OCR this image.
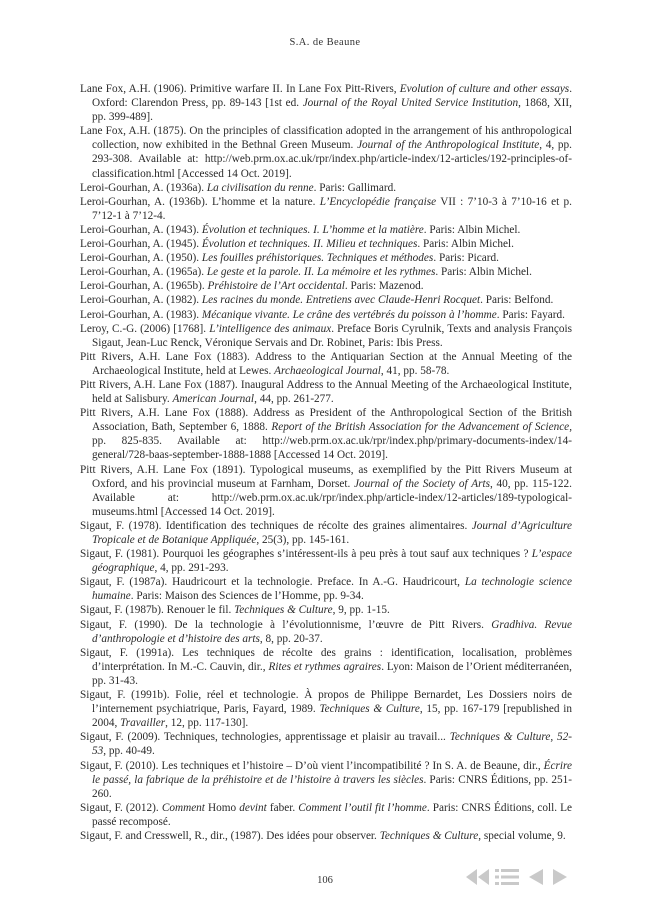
S.A. de Beaune

Lane Fox, A.H. (1906). Primitive warfare II. In Lane Fox Pitt-Rivers, Evolution of culture and other essays. Oxford: Clarendon Press, pp. 89-143 [1st ed. Journal of the Royal United Service Institution, 1868, XII, pp. 399-489].

Lane Fox, A.H. (1875). On the principles of classification adopted in the arrangement of his anthropological collection, now exhibited in the Bethnal Green Museum. Journal of the Anthropological Institute, 4, pp. 293-308. Available at: http://web.prm.ox.ac.uk/rpr/index.php/article-index/12-articles/192-principles-of-classification.html [Accessed 14 Oct. 2019].

Leroi-Gourhan, A. (1936a). La civilisation du renne. Paris: Gallimard.

Leroi-Gourhan, A. (1936b). L’homme et la nature. L’Encyclopédie française VII : 7’10-3 à 7’10-16 et p. 7’12-1 à 7’12-4.

Leroi-Gourhan, A. (1943). Évolution et techniques. I. L’homme et la matière. Paris: Albin Michel.

Leroi-Gourhan, A. (1945). Évolution et techniques. II. Milieu et techniques. Paris: Albin Michel.

Leroi-Gourhan, A. (1950). Les fouilles préhistoriques. Techniques et méthodes. Paris: Picard.

Leroi-Gourhan, A. (1965a). Le geste et la parole. II. La mémoire et les rythmes. Paris: Albin Michel.

Leroi-Gourhan, A. (1965b). Préhistoire de l’Art occidental. Paris: Mazenod.

Leroi-Gourhan, A. (1982). Les racines du monde. Entretiens avec Claude-Henri Rocquet. Paris: Belfond.

Leroi-Gourhan, A. (1983). Mécanique vivante. Le crâne des vertébrés du poisson à l’homme. Paris: Fayard.

Leroy, C.-G. (2006) [1768]. L’intelligence des animaux. Preface Boris Cyrulnik, Texts and analysis François Sigaut, Jean-Luc Renck, Véronique Servais and Dr. Robinet, Paris: Ibis Press.

Pitt Rivers, A.H. Lane Fox (1883). Address to the Antiquarian Section at the Annual Meeting of the Archaeological Institute, held at Lewes. Archaeological Journal, 41, pp. 58-78.

Pitt Rivers, A.H. Lane Fox (1887). Inaugural Address to the Annual Meeting of the Archaeological Institute, held at Salisbury. American Journal, 44, pp. 261-277.

Pitt Rivers, A.H. Lane Fox (1888). Address as President of the Anthropological Section of the British Association, Bath, September 6, 1888. Report of the British Association for the Advancement of Science, pp. 825-835. Available at: http://web.prm.ox.ac.uk/rpr/index.php/primary-documents-index/14-general/728-baas-september-1888-1888 [Accessed 14 Oct. 2019].

Pitt Rivers, A.H. Lane Fox (1891). Typological museums, as exemplified by the Pitt Rivers Museum at Oxford, and his provincial museum at Farnham, Dorset. Journal of the Society of Arts, 40, pp. 115-122. Available at: http://web.prm.ox.ac.uk/rpr/index.php/article-index/12-articles/189-typological-museums.html [Accessed 14 Oct. 2019].

Sigaut, F. (1978). Identification des techniques de récolte des graines alimentaires. Journal d’Agriculture Tropicale et de Botanique Appliquée, 25(3), pp. 145-161.

Sigaut, F. (1981). Pourquoi les géographes s’intéressent-ils à peu près à tout sauf aux techniques ? L’espace géographique, 4, pp. 291-293.

Sigaut, F. (1987a). Haudricourt et la technologie. Preface. In A.-G. Haudricourt, La technologie science humaine. Paris: Maison des Sciences de l’Homme, pp. 9-34.

Sigaut, F. (1987b). Renouer le fil. Techniques & Culture, 9, pp. 1-15.

Sigaut, F. (1990). De la technologie à l’évolutionnisme, l’œuvre de Pitt Rivers. Gradhiva. Revue d’anthropologie et d’histoire des arts, 8, pp. 20-37.

Sigaut, F. (1991a). Les techniques de récolte des grains : identification, localisation, problèmes d’interprétation. In M.-C. Cauvin, dir., Rites et rythmes agraires. Lyon: Maison de l’Orient méditerranéen, pp. 31-43.

Sigaut, F. (1991b). Folie, réel et technologie. À propos de Philippe Bernardet, Les Dossiers noirs de l’internement psychiatrique, Paris, Fayard, 1989. Techniques & Culture, 15, pp. 167-179 [republished in 2004, Travailler, 12, pp. 117-130].

Sigaut, F. (2009). Techniques, technologies, apprentissage et plaisir au travail... Techniques & Culture, 52-53, pp. 40-49.

Sigaut, F. (2010). Les techniques et l’histoire – D’où vient l’incompatibilité ? In S. A. de Beaune, dir., Écrire le passé, la fabrique de la préhistoire et de l’histoire à travers les siècles. Paris: CNRS Éditions, pp. 251-260.

Sigaut, F. (2012). Comment Homo devint faber. Comment l’outil fit l’homme. Paris: CNRS Éditions, coll. Le passé recomposé.

Sigaut, F. and Cresswell, R., dir., (1987). Des idées pour observer. Techniques & Culture, special volume, 9.

106
